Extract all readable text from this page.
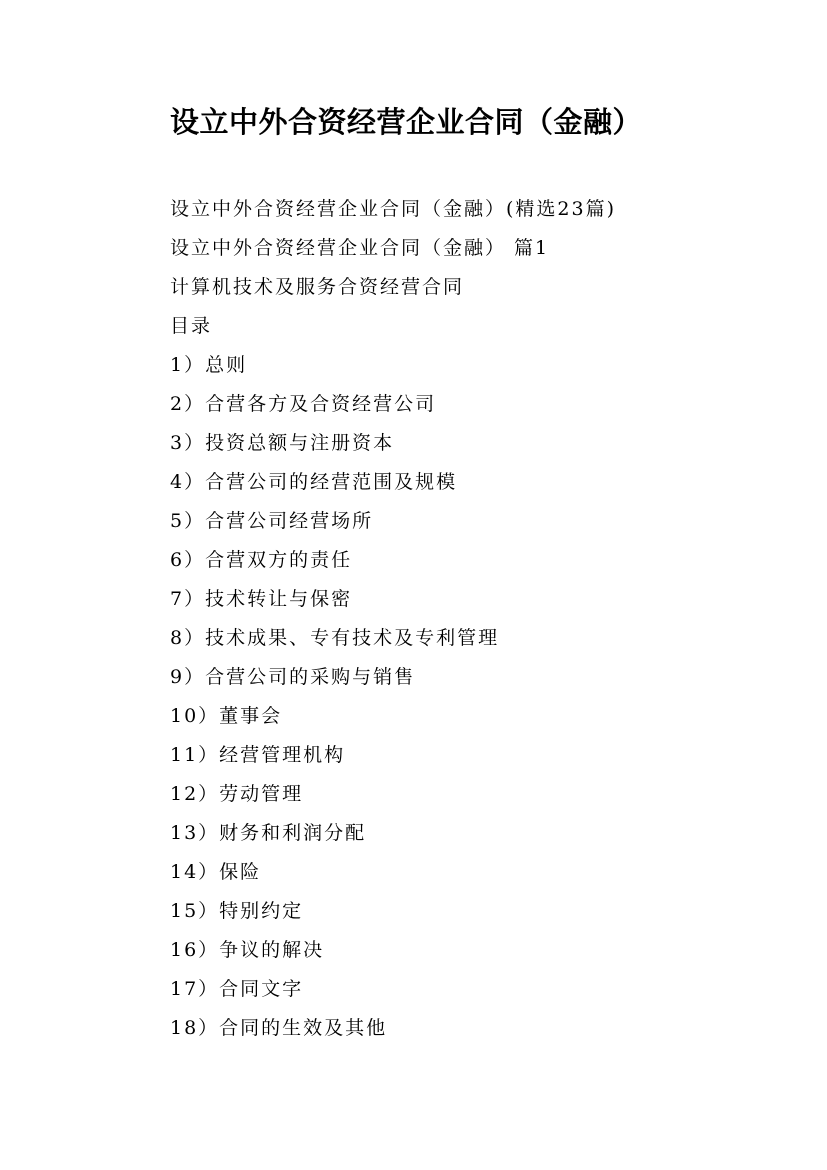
设立中外合资经营企业合同（金融）

设立中外合资经营企业合同（金融）(精选23篇)

设立中外合资经营企业合同（金融） 篇1

计算机技术及服务合资经营合同

目录

1）总则

2）合营各方及合资经营公司

3）投资总额与注册资本

4）合营公司的经营范围及规模

5）合营公司经营场所

6）合营双方的责任

7）技术转让与保密

8）技术成果、专有技术及专利管理

9）合营公司的采购与销售

10）董事会

11）经营管理机构

12）劳动管理

13）财务和利润分配

14）保险

15）特别约定

16）争议的解决

17）合同文字

18）合同的生效及其他
